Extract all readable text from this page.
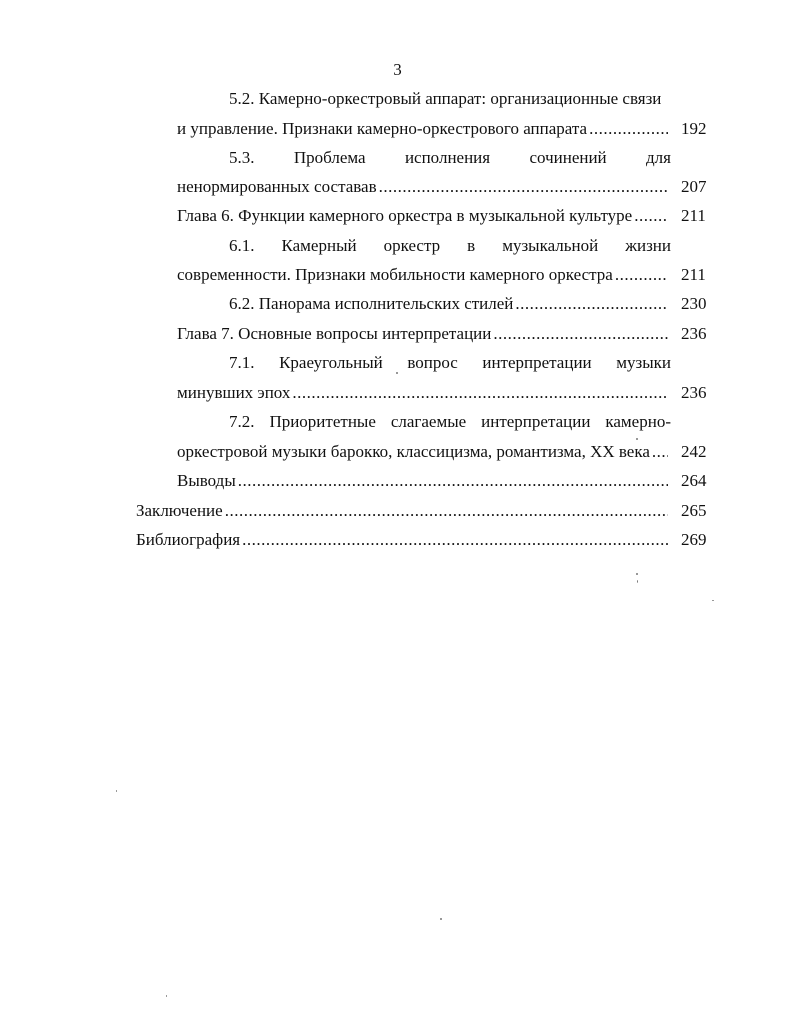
3
5.2. Камерно-оркестровый аппарат: организационные связи
и управление. Признаки камерно-оркестрового аппарата .....	192
5.3. Проблема исполнения сочинений для
ненормированных составав .....	207
Глава 6. Функции камерного оркестра в музыкальной культуре .....	211
6.1. Камерный оркестр в музыкальной жизни
современности. Признаки мобильности камерного оркестра .....	211
6.2. Панорама исполнительских стилей .....	230
Глава 7. Основные вопросы интерпретации .....	236
7.1. Краеугольный вопрос интерпретации музыки
минувших эпох .....	236
7.2. Приоритетные слагаемые интерпретации камерно-
оркестровой музыки барокко, классицизма, романтизма, ХХ века ..... 242
Выводы .....	264
Заключение .....	265
Библиография .....	269
